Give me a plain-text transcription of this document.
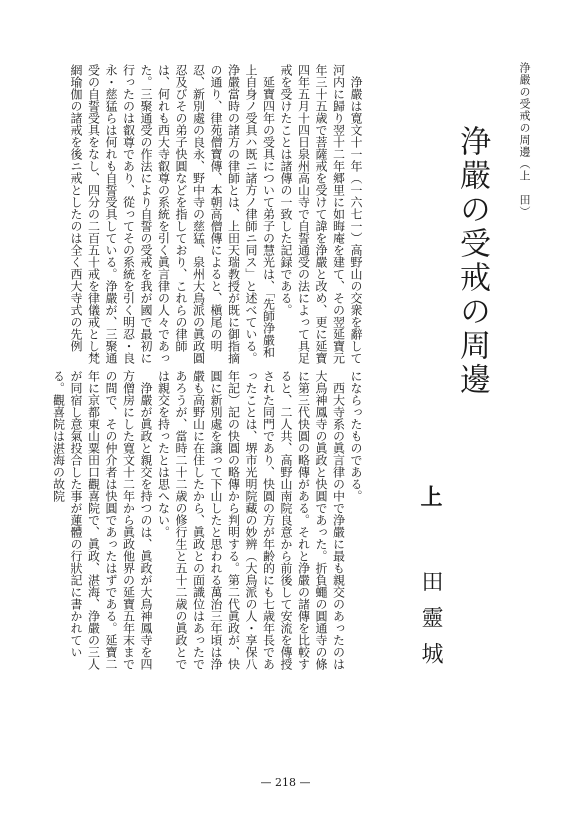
浄嚴の受戒の周邊（上　田）
浄嚴の受戒の周邊
上
田靈城

浄嚴は寛文十一年（一六七一）高野山の交衆を辭して河内に歸り翌十二年郷里に如晦庵を建て、その翌延寶元年三十五歳で菩薩戒を受けて諱を浄嚴と改め、更に延寶四年五月十四日泉州高山寺で自誓通受の法によって具足戒を受けたことは諸傳の一致した記録である。

延寶四年の受具について弟子の慧光は、「先師浄嚴和上自身ノ受具ハ既ニ諸方ノ律師ニ同ス」と述べている。浄嚴當時の諸方の律師とは、上田天瑞教授が既に御指摘の通り、律苑僧寶傳、本朝高僧傳によると、槇尾の明忍、新別處の良永、野中寺の慈猛、泉州大鳥派の眞政圓忍及びその弟子快圓などを指しており、これらの律師は、何れも西大寺叡尊の系統を引く眞言律の人々であった。三聚通受の作法により自誓の受戒を我が國で最初に行ったのは叡尊であり、從ってその系統を引く明忍・良永・慈猛らは何れも自誓受具している。浄嚴が、三聚通受の自誓受具をなし、四分の二百五十戒を律儀戒とし梵網瑜伽の諸戒を後ニ戒としたのは全く西大寺式の先例

にならったものである。

西大寺系の眞言律の中で浄嚴に最も親交のあったのは大鳥神鳳寺の眞政と快圓であった。折負蠅の圓通寺の條に第三代快圓の略傳がある。それと浄嚴の諸傳を比較すると、二人共、高野山南院良意から前後して安流を傳授された同門であり、快圓の方が年齢的にも七歳年長であったことは、堺市光明院藏の妙辨（大鳥派の人・享保八年記）記の快圓の略傳から判明する。第二代眞政が、快圓に新別處を譲って下山したと思われる萬治三年頃は浄嚴も高野山に在住したから、眞政との面識位はあったであろうが、當時二十二歳の修行生と五十二歳の眞政とでは親交を持ったとは思へない。

浄嚴が眞政と親交を持つのは、眞政が大鳥神鳳寺を四方僧房にした寛文十二年から眞政他界の延寶五年末までの間で、その仲介者は快圓であったはずである。延寶二年に京都東山粟田口觀喜院で、眞政、湛海、浄嚴の三人が同宿し意氣投合した事が蓮體の行狀記に書かれている。觀喜院は湛海の故院

— 218 —
